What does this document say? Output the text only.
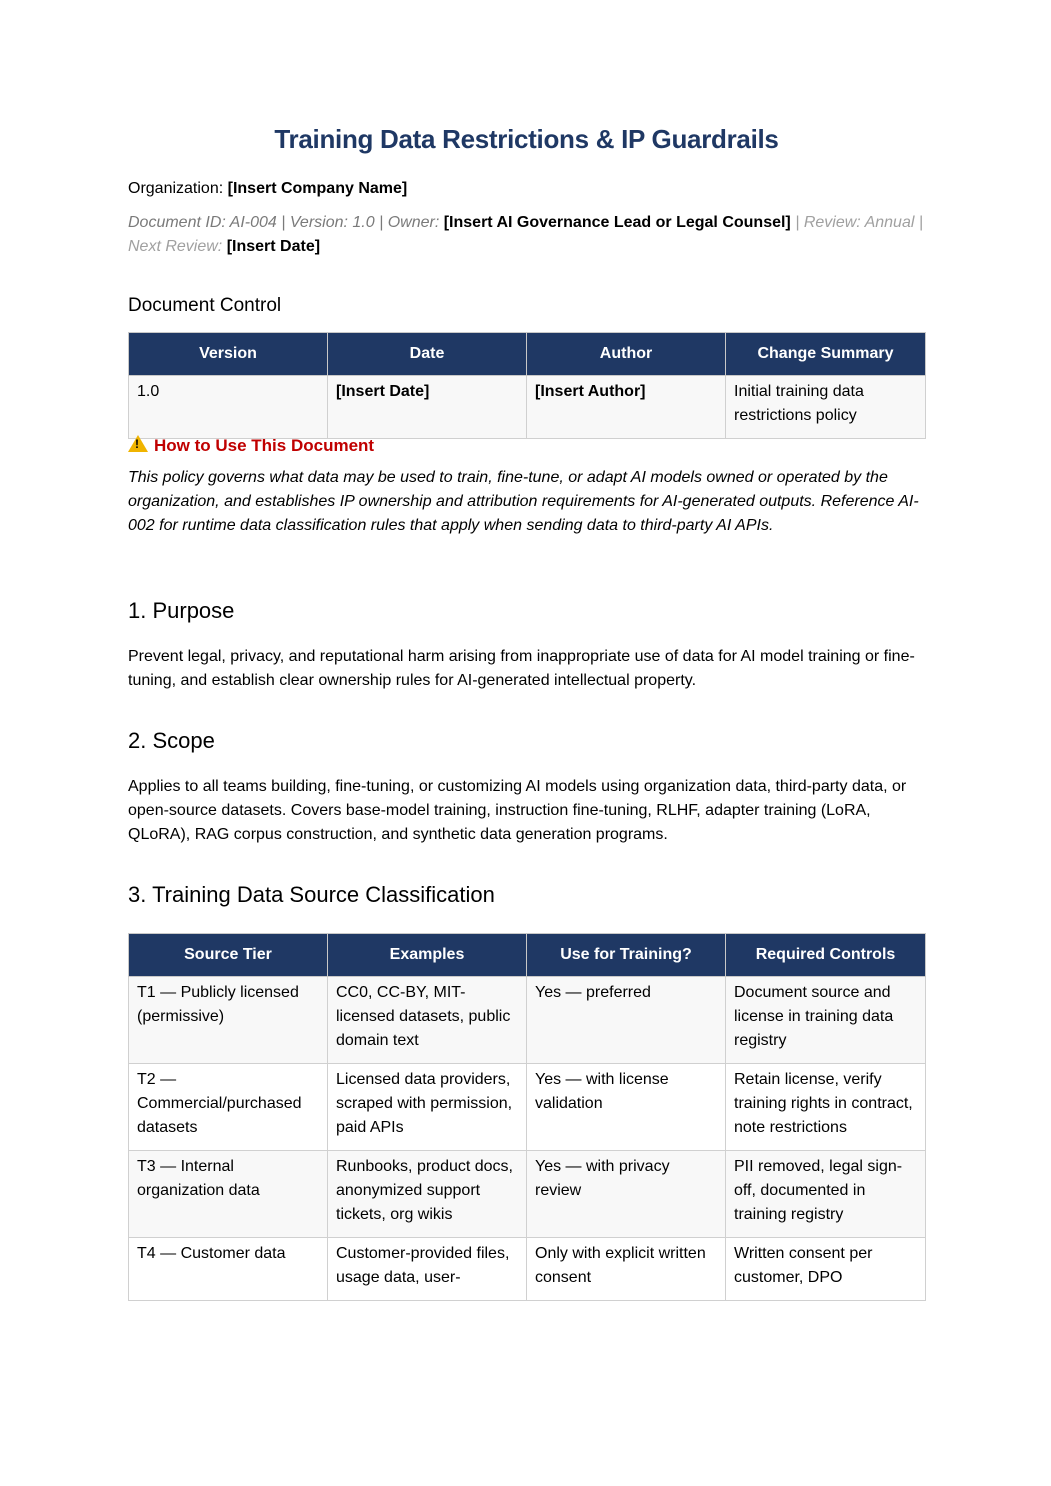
Training Data Restrictions & IP Guardrails
Organization: [Insert Company Name]
Document ID: AI-004 | Version: 1.0 | Owner: [Insert AI Governance Lead or Legal Counsel] | Review: Annual | Next Review: [Insert Date]
Document Control
Version	Date	Author	Change Summary
1.0	[Insert Date]	[Insert Author]	Initial training data restrictions policy
!How to Use This Document
This policy governs what data may be used to train, fine-tune, or adapt AI models owned or operated by the organization, and establishes IP ownership and attribution requirements for AI-generated outputs. Reference AI-002 for runtime data classification rules that apply when sending data to third-party AI APIs.
1. Purpose
Prevent legal, privacy, and reputational harm arising from inappropriate use of data for AI model training or fine-tuning, and establish clear ownership rules for AI-generated intellectual property.
2. Scope
Applies to all teams building, fine-tuning, or customizing AI models using organization data, third-party data, or open-source datasets. Covers base-model training, instruction fine-tuning, RLHF, adapter training (LoRA, QLoRA), RAG corpus construction, and synthetic data generation programs.
3. Training Data Source Classification
Source Tier	Examples	Use for Training?	Required Controls
T1 — Publicly licensed (permissive)	CC0, CC-BY, MIT-licensed datasets, public domain text	Yes — preferred	Document source and license in training data registry
T2 — Commercial/purchased datasets	Licensed data providers, scraped with permission, paid APIs	Yes — with license validation	Retain license, verify training rights in contract, note restrictions
T3 — Internal organization data	Runbooks, product docs, anonymized support tickets, org wikis	Yes — with privacy review	PII removed, legal sign-off, documented in training registry
T4 — Customer data	Customer-provided files, usage data, user-	Only with explicit written consent	Written consent per customer, DPO
